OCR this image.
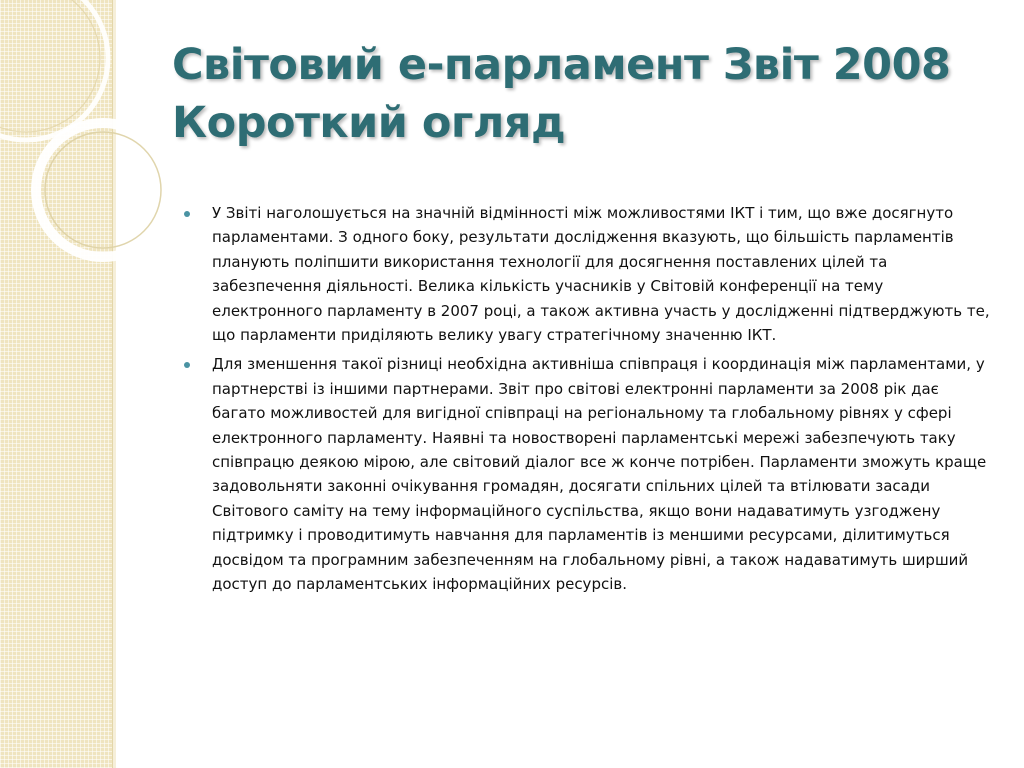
Світовий е-парламент Звіт 2008
Короткий огляд
У Звіті наголошується на значній відмінності між можливостями ІКТ і тим, що вже досягнуто парламентами. З одного боку, результати дослідження вказують, що більшість парламентів планують поліпшити використання технології для досягнення поставлених цілей та забезпечення діяльності. Велика кількість учасників у Світовій конференції на тему електронного парламенту в 2007 році, а також активна участь у дослідженні підтверджують те, що парламенти приділяють велику увагу стратегічному значенню ІКТ.
Для зменшення такої різниці необхідна активніша співпраця і координація між парламентами, у партнерстві із іншими партнерами. Звіт про світові електронні парламенти за 2008 рік дає багато можливостей для вигідної співпраці на регіональному та глобальному рівнях у сфері електронного парламенту. Наявні та новостворені парламентські мережі забезпечують таку співпрацю деякою мірою, але світовий діалог все ж конче потрібен. Парламенти зможуть краще задовольняти законні очікування громадян, досягати спільних цілей та втілювати засади Світового саміту на тему інформаційного суспільства, якщо вони надаватимуть узгоджену підтримку і проводитимуть навчання для парламентів із меншими ресурсами, ділитимуться досвідом та програмним забезпеченням на глобальному рівні, а також надаватимуть ширший доступ до парламентських інформаційних ресурсів.
